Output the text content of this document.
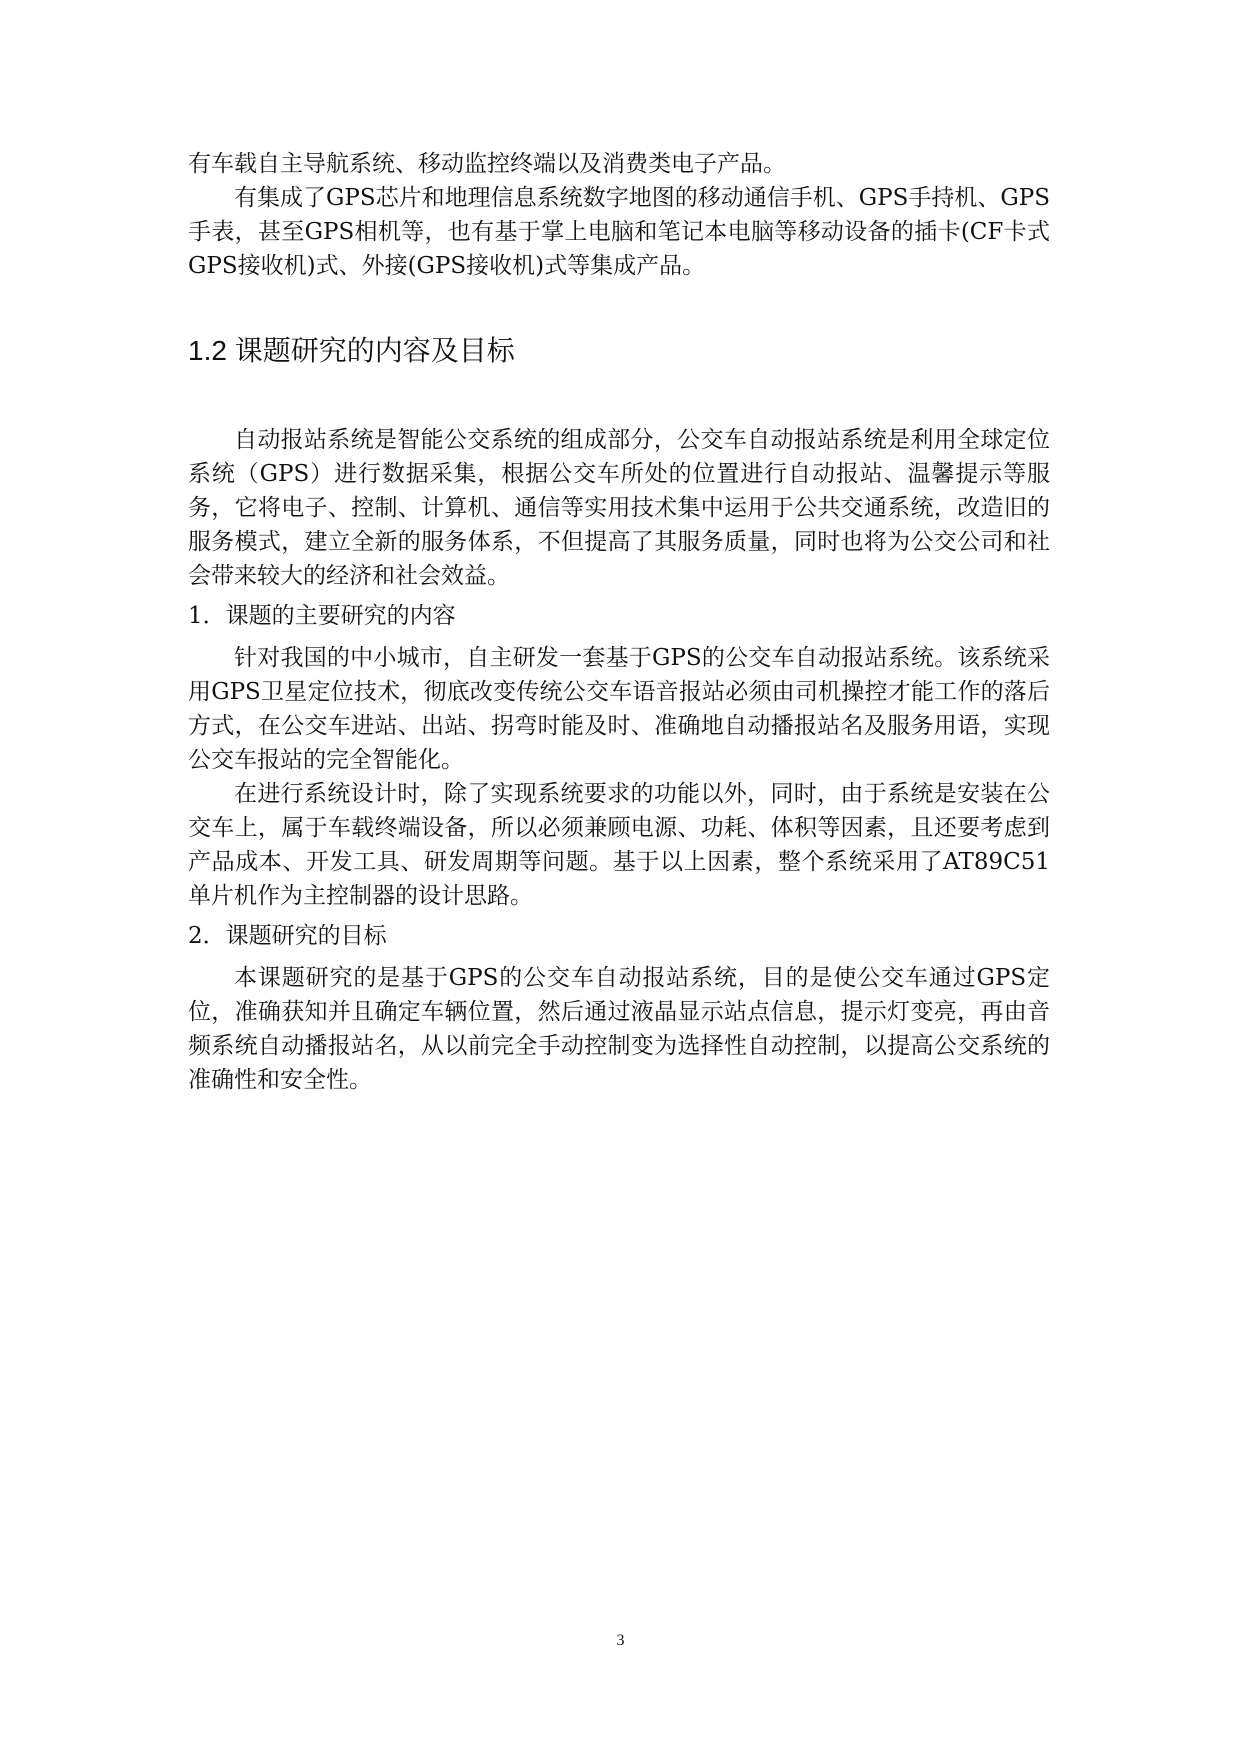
有车载自主导航系统、移动监控终端以及消费类电子产品。

有集成了GPS芯片和地理信息系统数字地图的移动通信手机、GPS手持机、GPS手表，甚至GPS相机等，也有基于掌上电脑和笔记本电脑等移动设备的插卡(CF卡式GPS接收机)式、外接(GPS接收机)式等集成产品。

1.2 课题研究的内容及目标

自动报站系统是智能公交系统的组成部分，公交车自动报站系统是利用全球定位系统（GPS）进行数据采集，根据公交车所处的位置进行自动报站、温馨提示等服务，它将电子、控制、计算机、通信等实用技术集中运用于公共交通系统，改造旧的服务模式，建立全新的服务体系，不但提高了其服务质量，同时也将为公交公司和社会带来较大的经济和社会效益。

1．课题的主要研究的内容

针对我国的中小城市，自主研发一套基于GPS的公交车自动报站系统。该系统采用GPS卫星定位技术，彻底改变传统公交车语音报站必须由司机操控才能工作的落后方式，在公交车进站、出站、拐弯时能及时、准确地自动播报站名及服务用语，实现公交车报站的完全智能化。

在进行系统设计时，除了实现系统要求的功能以外，同时，由于系统是安装在公交车上，属于车载终端设备，所以必须兼顾电源、功耗、体积等因素，且还要考虑到产品成本、开发工具、研发周期等问题。基于以上因素，整个系统采用了AT89C51单片机作为主控制器的设计思路。

2．课题研究的目标

本课题研究的是基于GPS的公交车自动报站系统，目的是使公交车通过GPS定位，准确获知并且确定车辆位置，然后通过液晶显示站点信息，提示灯变亮，再由音频系统自动播报站名，从以前完全手动控制变为选择性自动控制，以提高公交系统的准确性和安全性。

3
